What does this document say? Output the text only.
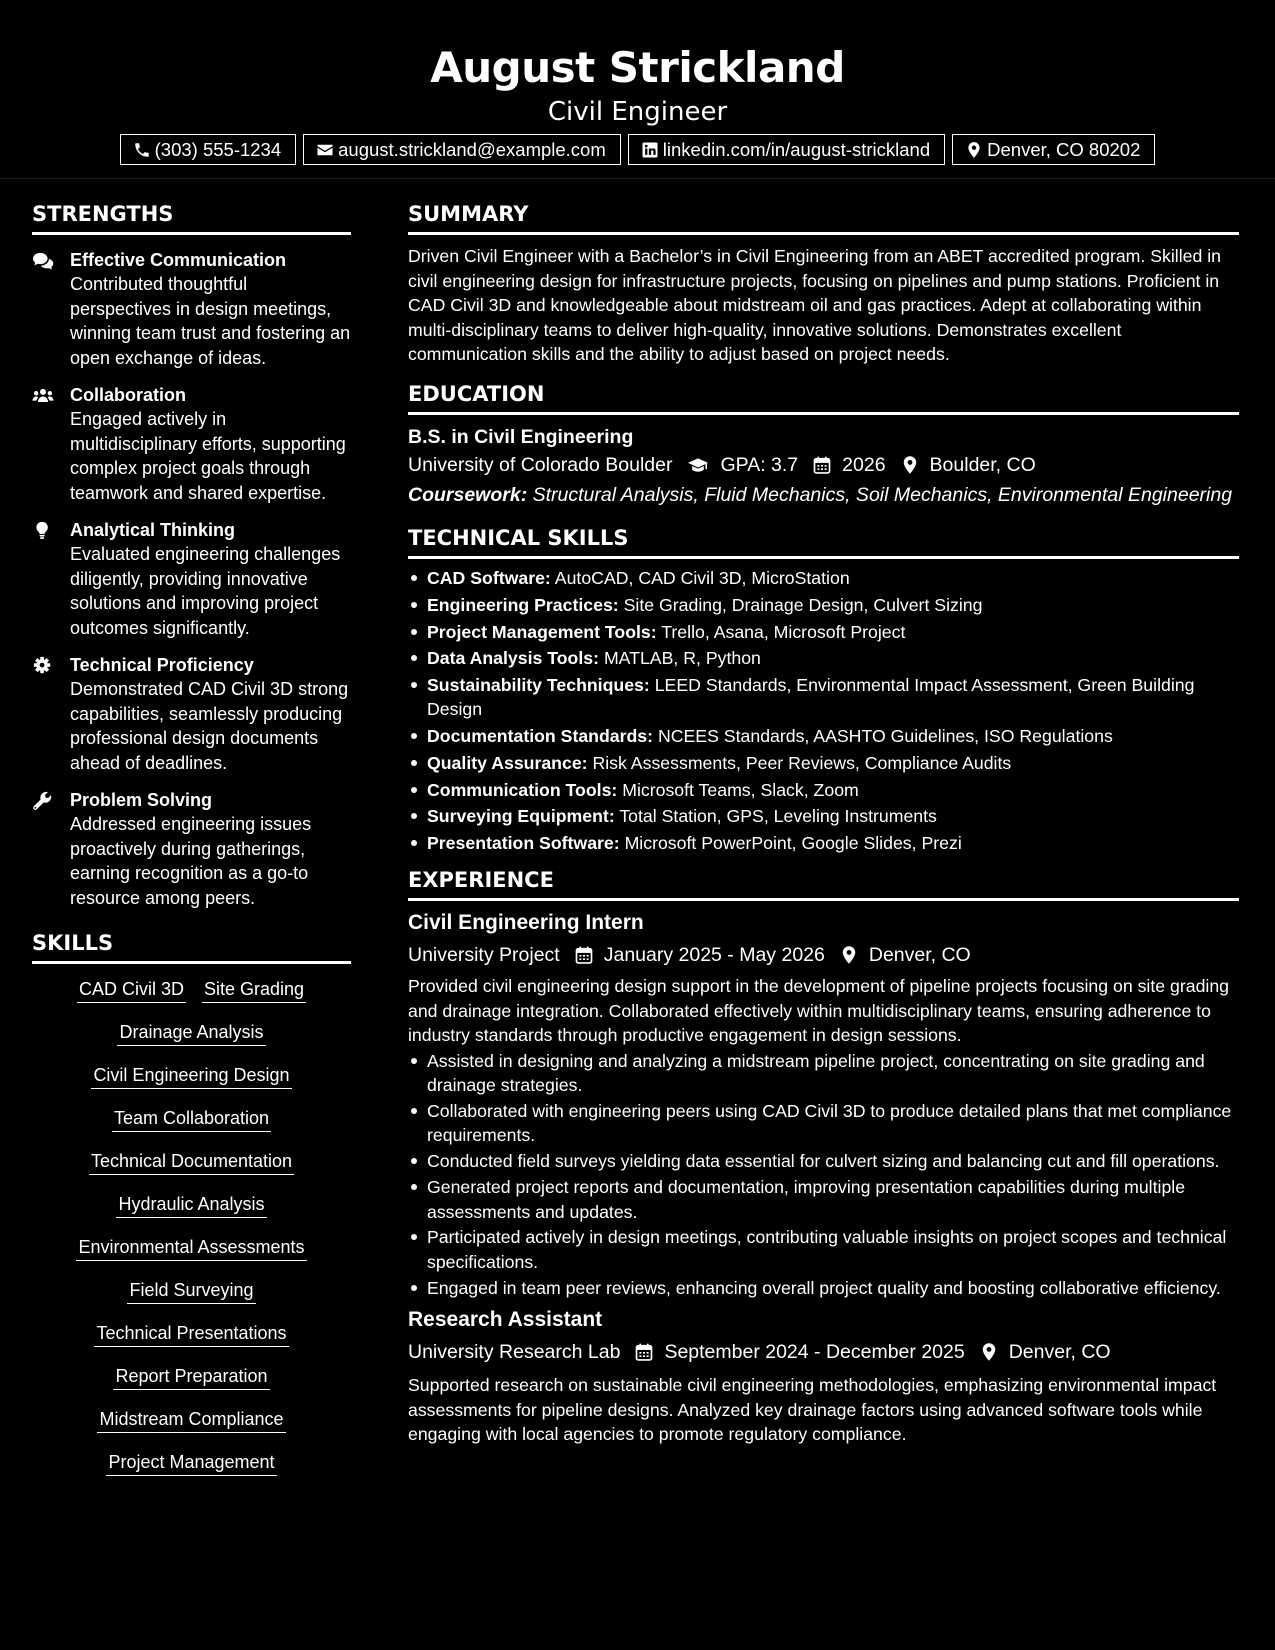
August Strickland
Civil Engineer
(303) 555-1234	august.strickland@example.com	linkedin.com/in/august-strickland	Denver, CO 80202
STRENGTHS
Effective Communication
Contributed thoughtful perspectives in design meetings, winning team trust and fostering an open exchange of ideas.
Collaboration
Engaged actively in multidisciplinary efforts, supporting complex project goals through teamwork and shared expertise.
Analytical Thinking
Evaluated engineering challenges diligently, providing innovative solutions and improving project outcomes significantly.
Technical Proficiency
Demonstrated CAD Civil 3D strong capabilities, seamlessly producing professional design documents ahead of deadlines.
Problem Solving
Addressed engineering issues proactively during gatherings, earning recognition as a go-to resource among peers.
SKILLS
CAD Civil 3D Site Grading
Drainage Analysis
Civil Engineering Design
Team Collaboration
Technical Documentation
Hydraulic Analysis
Environmental Assessments
Field Surveying
Technical Presentations
Report Preparation
Midstream Compliance
Project Management
SUMMARY
Driven Civil Engineer with a Bachelor’s in Civil Engineering from an ABET accredited program. Skilled in civil engineering design for infrastructure projects, focusing on pipelines and pump stations. Proficient in CAD Civil 3D and knowledgeable about midstream oil and gas practices. Adept at collaborating within multi-disciplinary teams to deliver high-quality, innovative solutions. Demonstrates excellent communication skills and the ability to adjust based on project needs.
EDUCATION
B.S. in Civil Engineering
University of Colorado Boulder GPA: 3.7 2026 Boulder, CO
Coursework: Structural Analysis, Fluid Mechanics, Soil Mechanics, Environmental Engineering
TECHNICAL SKILLS
CAD Software: AutoCAD, CAD Civil 3D, MicroStation
Engineering Practices: Site Grading, Drainage Design, Culvert Sizing
Project Management Tools: Trello, Asana, Microsoft Project
Data Analysis Tools: MATLAB, R, Python
Sustainability Techniques: LEED Standards, Environmental Impact Assessment, Green Building Design
Documentation Standards: NCEES Standards, AASHTO Guidelines, ISO Regulations
Quality Assurance: Risk Assessments, Peer Reviews, Compliance Audits
Communication Tools: Microsoft Teams, Slack, Zoom
Surveying Equipment: Total Station, GPS, Leveling Instruments
Presentation Software: Microsoft PowerPoint, Google Slides, Prezi
EXPERIENCE
Civil Engineering Intern
University Project January 2025 - May 2026 Denver, CO
Provided civil engineering design support in the development of pipeline projects focusing on site grading and drainage integration. Collaborated effectively within multidisciplinary teams, ensuring adherence to industry standards through productive engagement in design sessions.
Assisted in designing and analyzing a midstream pipeline project, concentrating on site grading and drainage strategies.
Collaborated with engineering peers using CAD Civil 3D to produce detailed plans that met compliance requirements.
Conducted field surveys yielding data essential for culvert sizing and balancing cut and fill operations.
Generated project reports and documentation, improving presentation capabilities during multiple assessments and updates.
Participated actively in design meetings, contributing valuable insights on project scopes and technical specifications.
Engaged in team peer reviews, enhancing overall project quality and boosting collaborative efficiency.
Research Assistant
University Research Lab September 2024 - December 2025 Denver, CO
Supported research on sustainable civil engineering methodologies, emphasizing environmental impact assessments for pipeline designs. Analyzed key drainage factors using advanced software tools while engaging with local agencies to promote regulatory compliance.
